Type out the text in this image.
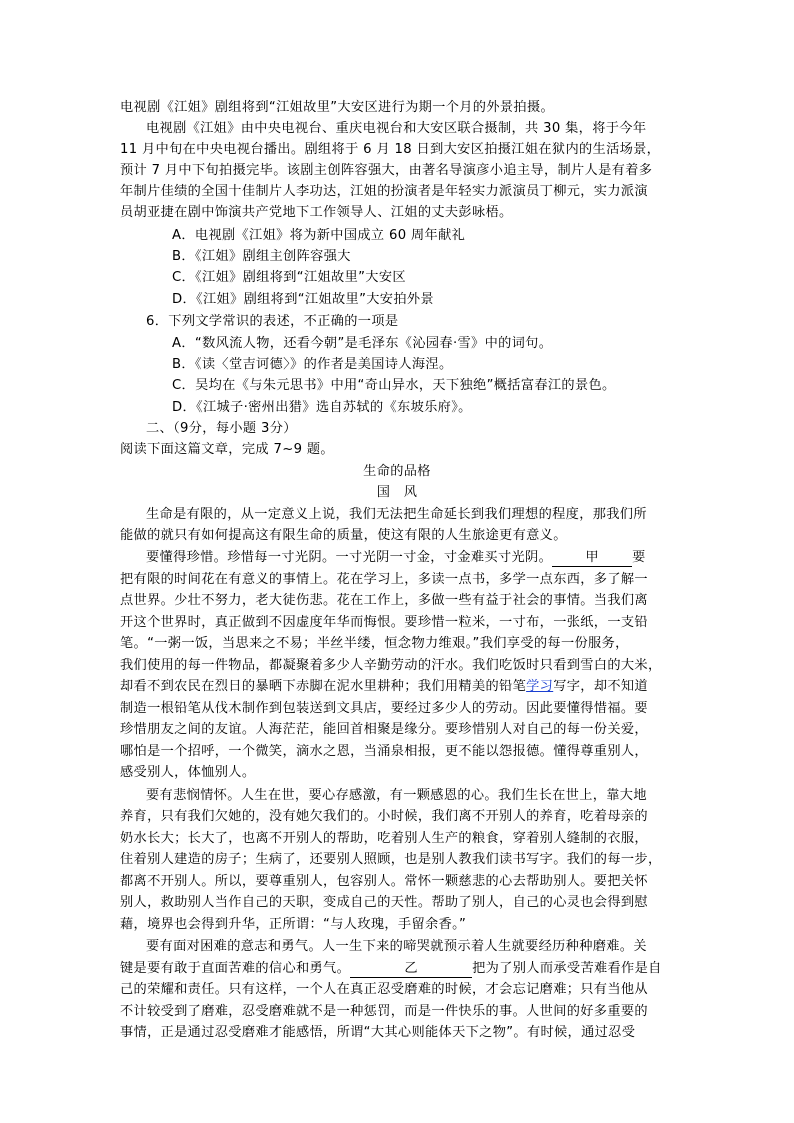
电视剧《江姐》剧组将到“江姐故里”大安区进行为期一个月的外景拍摄。
电视剧《江姐》由中央电视台、重庆电视台和大安区联合摄制，共 30 集，将于今年
11 月中旬在中央电视台播出。剧组将于 6 月 18 日到大安区拍摄江姐在狱内的生活场景，
预计 7 月中下旬拍摄完毕。该剧主创阵容强大，由著名导演彦小追主导，制片人是有着多
年制片佳绩的全国十佳制片人李功达，江姐的扮演者是年轻实力派演员丁柳元，实力派演
员胡亚捷在剧中饰演共产党地下工作领导人、江姐的丈夫彭咏梧。
A．电视剧《江姐》将为新中国成立 60 周年献礼
B．《江姐》剧组主创阵容强大
C．《江姐》剧组将到“江姐故里”大安区
D．《江姐》剧组将到“江姐故里”大安拍外景
6．下列文学常识的表述，不正确的一项是
A．“数风流人物，还看今朝”是毛泽东《沁园春·雪》中的词句。
B．《读〈堂吉诃德〉》的作者是美国诗人海涅。
C．吴均在《与朱元思书》中用“奇山异水，天下独绝”概括富春江的景色。
D．《江城子·密州出猎》选自苏轼的《东坡乐府》。
二、（9分，每小题 3分）
阅读下面这篇文章，完成 7~9 题。
生命的品格
国　风
生命是有限的，从一定意义上说，我们无法把生命延长到我们理想的程度，那我们所
能做的就只有如何提高这有限生命的质量，使这有限的人生旅途更有意义。
要懂得珍惜。珍惜每一寸光阴。一寸光阴一寸金，寸金难买寸光阴。	甲	要
把有限的时间花在有意义的事情上。花在学习上，多读一点书，多学一点东西，多了解一
点世界。少壮不努力，老大徒伤悲。花在工作上，多做一些有益于社会的事情。当我们离
开这个世界时，真正做到不因虚度年华而悔恨。要珍惜一粒米，一寸布，一张纸，一支铅
笔。“一粥一饭，当思来之不易；半丝半缕，恒念物力维艰。”我们享受的每一份服务，
我们使用的每一件物品，都凝聚着多少人辛勤劳动的汗水。我们吃饭时只看到雪白的大米，
却看不到农民在烈日的暴晒下赤脚在泥水里耕种；我们用精美的铅笔学习写字，却不知道
制造一根铅笔从伐木制作到包装送到文具店，要经过多少人的劳动。因此要懂得惜福。要
珍惜朋友之间的友谊。人海茫茫，能回首相聚是缘分。要珍惜别人对自己的每一份关爱，
哪怕是一个招呼，一个微笑，滴水之恩，当涌泉相报，更不能以怨报德。懂得尊重别人，
感受别人，体恤别人。
要有悲悯情怀。人生在世，要心存感激，有一颗感恩的心。我们生长在世上，靠大地
养育，只有我们欠她的，没有她欠我们的。小时候，我们离不开别人的养育，吃着母亲的
奶水长大；长大了，也离不开别人的帮助，吃着别人生产的粮食，穿着别人缝制的衣服，
住着别人建造的房子；生病了，还要别人照顾，也是别人教我们读书写字。我们的每一步，
都离不开别人。所以，要尊重别人，包容别人。常怀一颗慈悲的心去帮助别人。要把关怀
别人，救助别人当作自己的天职，变成自己的天性。帮助了别人，自己的心灵也会得到慰
藉，境界也会得到升华，正所谓：“与人玫瑰，手留余香。”
要有面对困难的意志和勇气。人一生下来的啼哭就预示着人生就要经历种种磨难。关
键是要有敢于直面苦难的信心和勇气。	乙	把为了别人而承受苦难看作是自
己的荣耀和责任。只有这样，一个人在真正忍受磨难的时候，才会忘记磨难；只有当他从
不计较受到了磨难，忍受磨难就不是一种惩罚，而是一件快乐的事。人世间的好多重要的
事情，正是通过忍受磨难才能感悟，所谓“大其心则能体天下之物”。有时候，通过忍受
